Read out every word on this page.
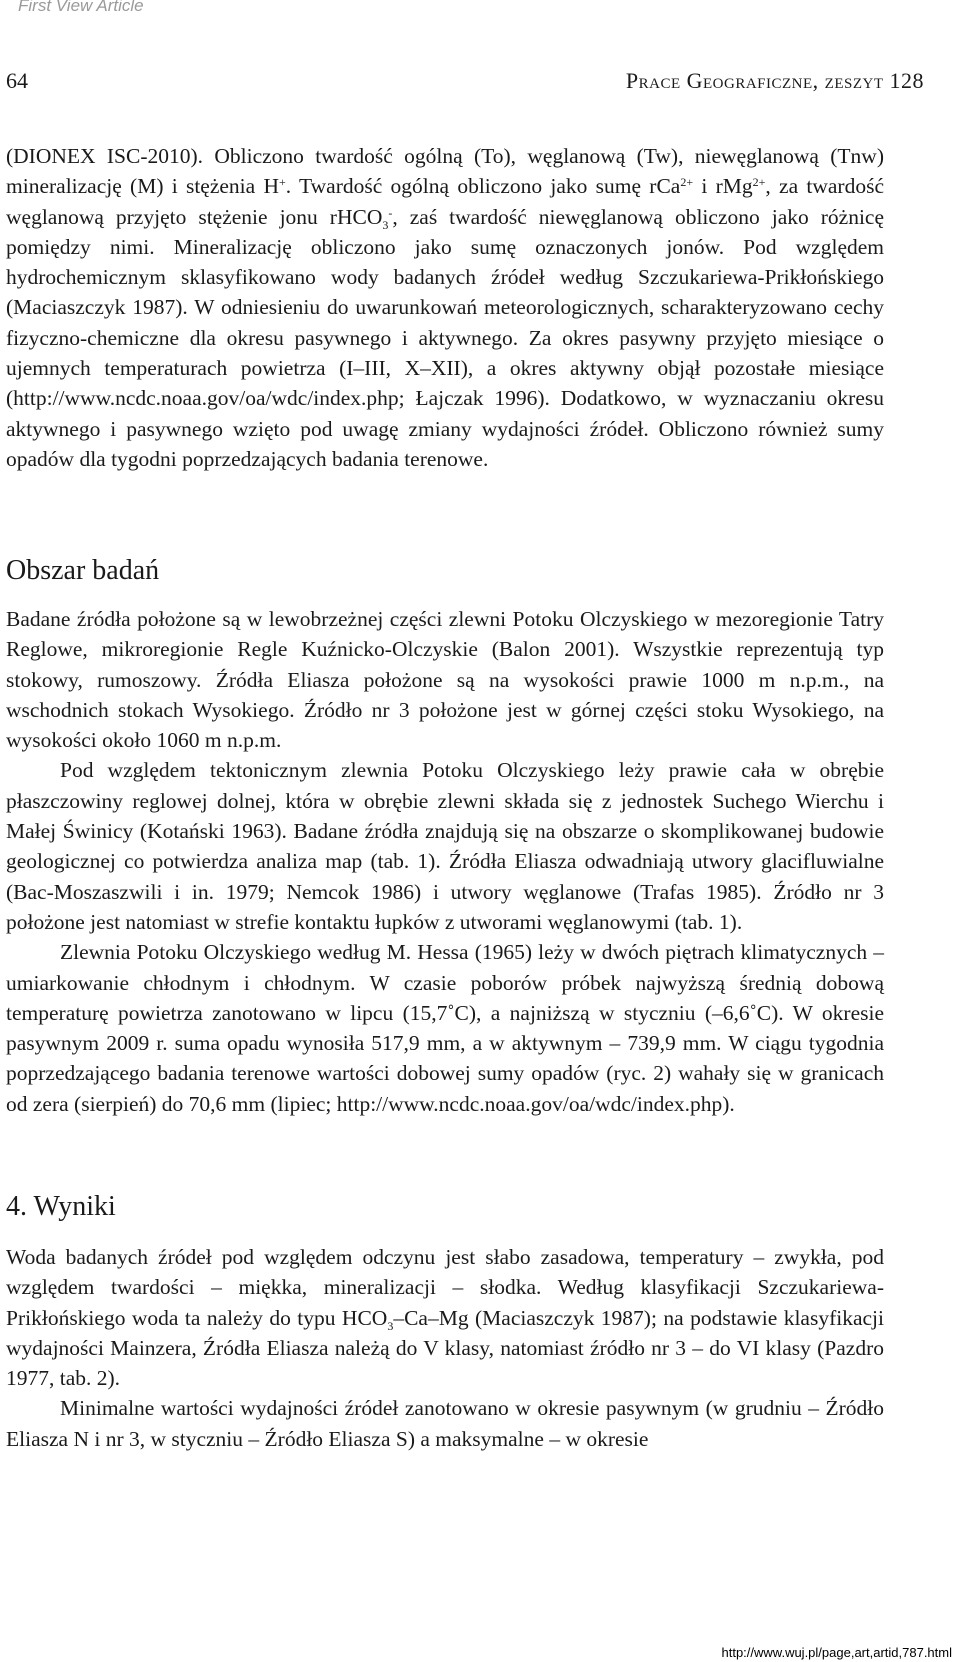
First View Article
64	Prace Geograficzne, zeszyt 128

(DIONEX ISC-2010). Obliczono twardość ogólną (To), węglanową (Tw), niewęglanową (Tnw) mineralizację (M) i stężenia H+. Twardość ogólną obliczono jako sumę rCa$^{2+}$ i rMg$^{2+}$, za twardość węglanową przyjęto stężenie jonu rHCO$_3$-, zaś twardość niewęglanową obliczono jako różnicę pomiędzy nimi. Mineralizację obliczono jako sumę oznaczonych jonów. Pod względem hydrochemicznym sklasyfikowano wody badanych źródeł według Szczukariewa-Prikłońskiego (Maciaszczyk 1987). W odniesieniu do uwarunkowań meteorologicznych, scharakteryzowano cechy fizyczno-chemiczne dla okresu pasywnego i aktywnego. Za okres pasywny przyjęto miesiące o ujemnych temperaturach powietrza (I–III, X–XII), a okres aktywny objął pozostałe miesiące (http://www.ncdc.noaa.gov/oa/wdc/index.php; Łajczak 1996). Dodatkowo, w wyznaczaniu okresu aktywnego i pasywnego wzięto pod uwagę zmiany wydajności źródeł. Obliczono również sumy opadów dla tygodni poprzedzających badania terenowe.

Obszar badań

Badane źródła położone są w lewobrzeżnej części zlewni Potoku Olczyskiego w mezoregionie Tatry Reglowe, mikroregionie Regle Kuźnicko-Olczyskie (Balon 2001). Wszystkie reprezentują typ stokowy, rumoszowy. Źródła Eliasza położone są na wysokości prawie 1000 m n.p.m., na wschodnich stokach Wysokiego. Źródło nr 3 położone jest w górnej części stoku Wysokiego, na wysokości około 1060 m n.p.m.

Pod względem tektonicznym zlewnia Potoku Olczyskiego leży prawie cała w obrębie płaszczowiny reglowej dolnej, która w obrębie zlewni składa się z jednostek Suchego Wierchu i Małej Świnicy (Kotański 1963). Badane źródła znajdują się na obszarze o skomplikowanej budowie geologicznej co potwierdza analiza map (tab. 1). Źródła Eliasza odwadniają utwory glacifluwialne (Bac-Moszaszwili i in. 1979; Nemcok 1986) i utwory węglanowe (Trafas 1985). Źródło nr 3 położone jest natomiast w strefie kontaktu łupków z utworami węglanowymi (tab. 1).

Zlewnia Potoku Olczyskiego według M. Hessa (1965) leży w dwóch piętrach klimatycznych – umiarkowanie chłodnym i chłodnym. W czasie poborów próbek najwyższą średnią dobową temperaturę powietrza zanotowano w lipcu (15,7˚C), a najniższą w styczniu (–6,6˚C). W okresie pasywnym 2009 r. suma opadu wynosiła 517,9 mm, a w aktywnym – 739,9 mm. W ciągu tygodnia poprzedzającego badania terenowe wartości dobowej sumy opadów (ryc. 2) wahały się w granicach od zera (sierpień) do 70,6 mm (lipiec; http://www.ncdc.noaa.gov/oa/wdc/index.php).

4. Wyniki

Woda badanych źródeł pod względem odczynu jest słabo zasadowa, temperatury – zwykła, pod względem twardości – miękka, mineralizacji – słodka. Według klasyfikacji Szczukariewa-Prikłońskiego woda ta należy do typu $HCO_3-Ca-Mg$ (Maciaszczyk 1987); na podstawie klasyfikacji wydajności Mainzera, Źródła Eliasza należą do V klasy, natomiast źródło nr 3 – do VI klasy (Pazdro 1977, tab. 2).

Minimalne wartości wydajności źródeł zanotowano w okresie pasywnym (w grudniu – Źródło Eliasza N i nr 3, w styczniu – Źródło Eliasza S) a maksymalne – w okresie

http://www.wuj.pl/page,art,artid,787.html
